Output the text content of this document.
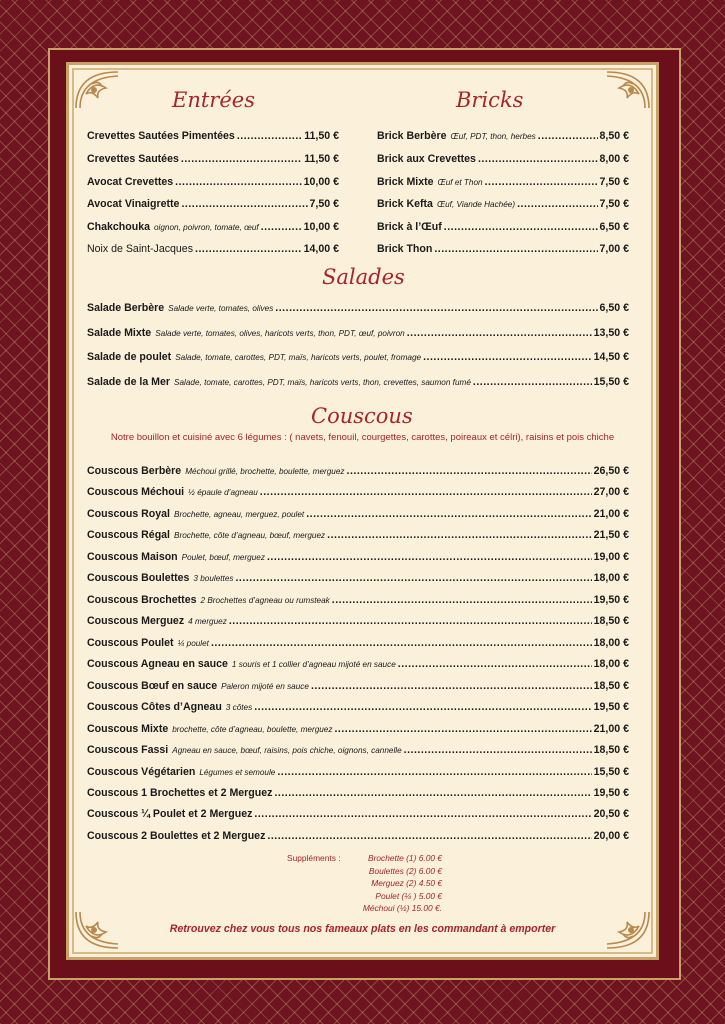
Entrées	Bricks
Crevettes Sautées Pimentées .....	11,50 €
Crevettes Sautées .....	11,50 €
Avocat Crevettes .....	10,00 €
Avocat Vinaigrette .....	7,50 €
Chakchouka oignon, poivron, tomate, œuf .....	10,00 €
Noix de Saint-Jacques .....	14,00 €
Brick Berbère Œuf, PDT, thon, herbes .....	8,50 €
Brick aux Crevettes .....	8,00 €
Brick Mixte Œuf et Thon .....	7,50 €
Brick Kefta Œuf, Viande Hachée) .....	7,50 €
Brick à l’Œuf .....	6,50 €
Brick Thon .....	7,00 €
Salades
Salade Berbère Salade verte, tomates, olives .....	6,50 €
Salade Mixte Salade verte, tomates, olives, haricots verts, thon, PDT, œuf, poivron .....	13,50 €
Salade de poulet Salade, tomate, carottes, PDT, maïs, haricots verts, poulet, fromage .....	14,50 €
Salade de la Mer Salade, tomate, carottes, PDT, maïs, haricots verts, thon, crevettes, saumon fumé .....	15,50 €
Couscous
Notre bouillon et cuisiné avec 6 légumes : ( navets, fenouil, courgettes, carottes, poireaux et célri), raisins et pois chiche
Couscous Berbère Méchoui grillé, brochette, boulette, merguez .....	26,50 €
Couscous Méchoui ½ épaule d’agneau .....	27,00 €
Couscous Royal Brochette, agneau, merguez, poulet .....	21,00 €
Couscous Régal Brochette, côte d’agneau, bœuf, merguez .....	21,50 €
Couscous Maison Poulet, bœuf, merguez .....	19,00 €
Couscous Boulettes 3 boulettes .....	18,00 €
Couscous Brochettes 2 Brochettes d’agneau ou rumsteak .....	19,50 €
Couscous Merguez 4 merguez .....	18,50 €
Couscous Poulet ¼ poulet .....	18,00 €
Couscous Agneau en sauce 1 souris et 1 collier d’agneau mijoté en sauce .....	18,00 €
Couscous Bœuf en sauce Paleron mijoté en sauce .....	18,50 €
Couscous Côtes d’Agneau 3 côtes .....	19,50 €
Couscous Mixte brochette, côte d’agneau, boulette, merguez .....	21,00 €
Couscous Fassi Agneau en sauce, bœuf, raisins, pois chiche, oignons, cannelle .....	18,50 €
Couscous Végétarien Légumes et semoule .....	15,50 €
Couscous 1 Brochettes et 2 Merguez .....	19,50 €
Couscous ¼ Poulet et 2 Merguez .....	20,50 €
Couscous 2 Boulettes et 2 Merguez .....	20,00 €
Suppléments :	Brochette (1) 6.00 €
Boulettes (2) 6.00 €
Merguez (2) 4.50 €
Poulet (¼ ) 5.00 €
Méchoui (½) 15.00 €.
Retrouvez chez vous tous nos fameaux plats en les commandant à emporter
